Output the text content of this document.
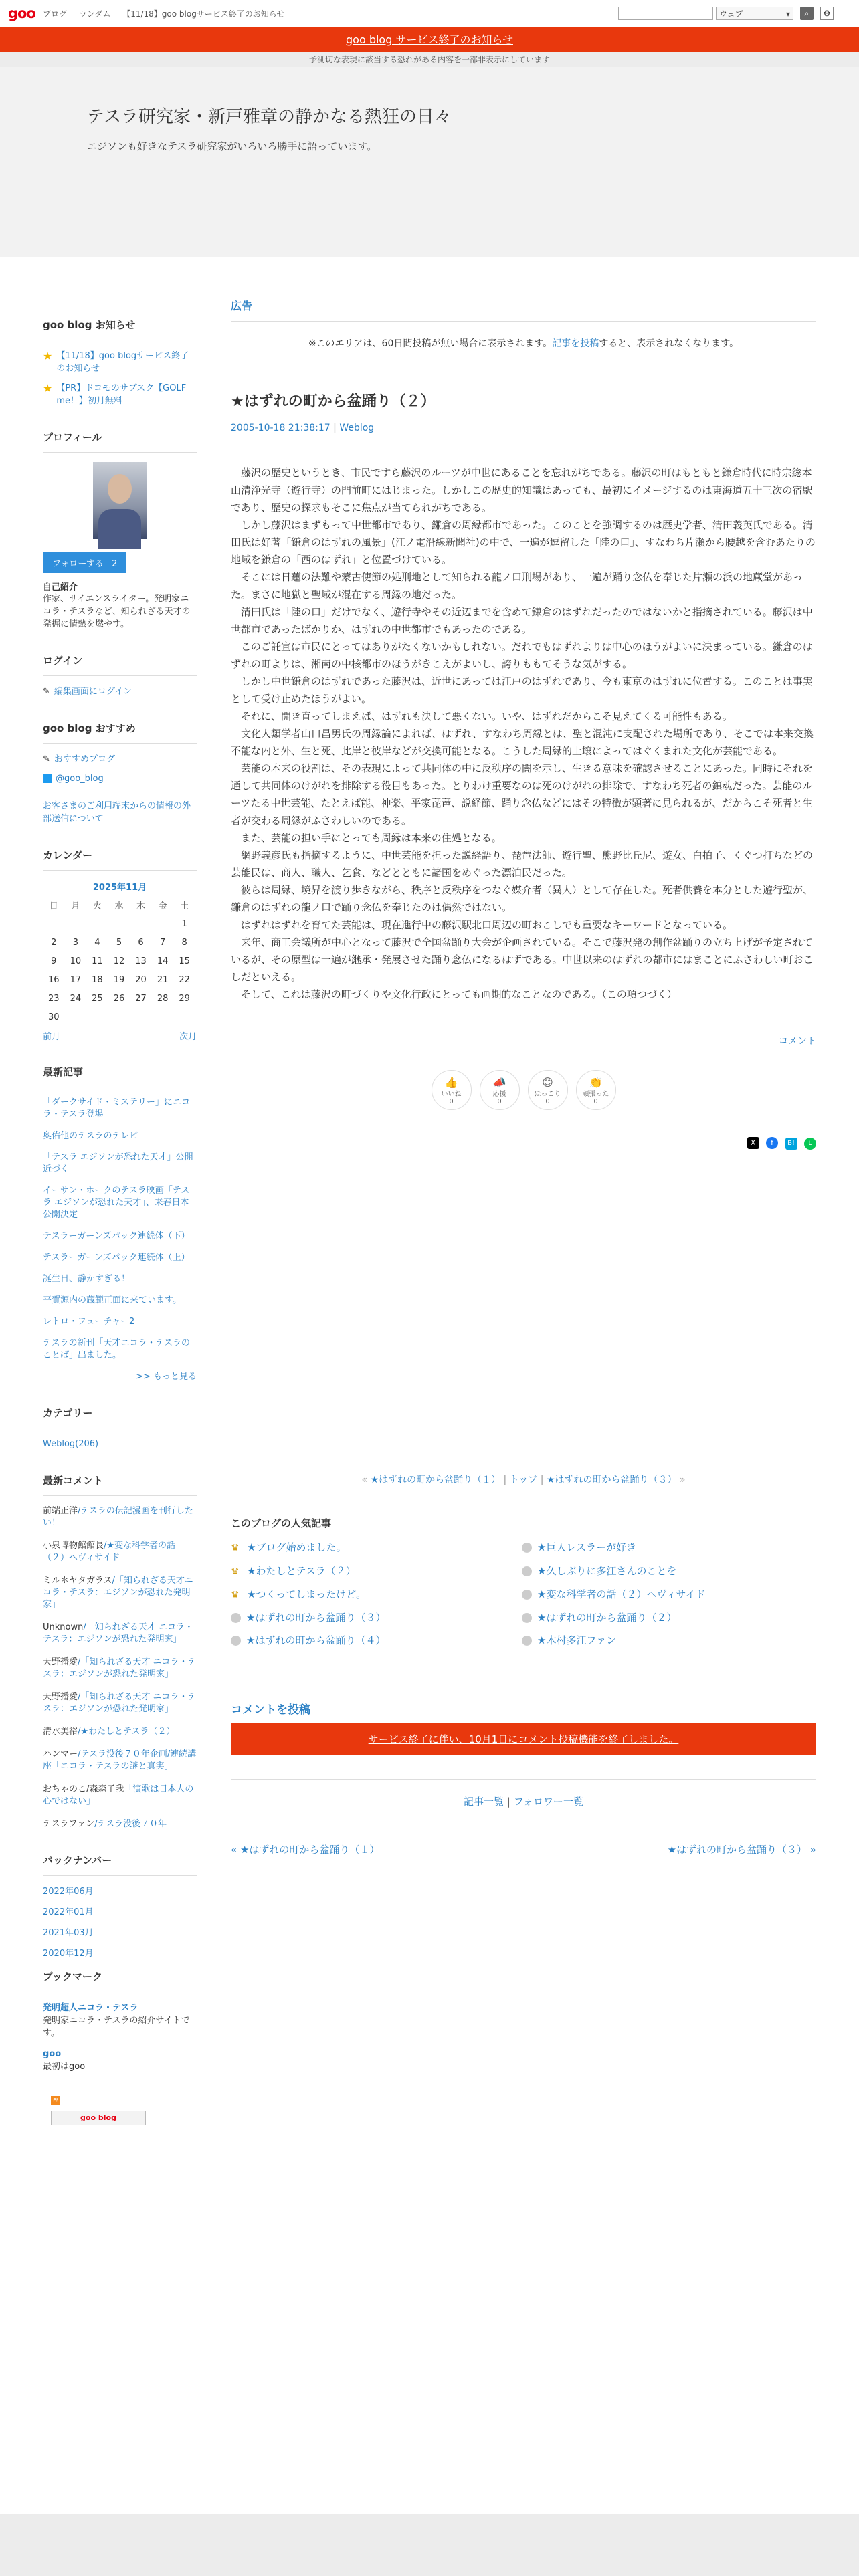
goo ブログ ランダム 【11/18】goo blogサービス終了のお知らせ	ウェブ ▾	⌕	⚙
goo blog サービス終了のお知らせ
予測切な表現に該当する恐れがある内容を一部非表示にしています
テスラ研究家・新戸雅章の静かなる熱狂の日々
エジソンも好きなテスラ研究家がいろいろ勝手に語っています。
goo blog お知らせ
★ 【11/18】goo blogサービス終了のお知らせ
★ 【PR】ドコモのサブスク【GOLF me！】初月無料
プロフィール
フォローする 2
自己紹介
作家、サイエンスライター。発明家ニコラ・テスラなど、知られざる天才の発掘に情熱を燃やす。
ログイン
✎ 編集画面にログイン
goo blog おすすめ
✎ おすすめブログ
@goo_blog
お客さまのご利用端末からの情報の外部送信について
カレンダー
2025年11月
日	月	火	水	木	金	土
						1
2	3	4	5	6	7	8
9	10	11	12	13	14	15
16	17	18	19	20	21	22
23	24	25	26	27	28	29
30						
前月	次月
最新記事
「ダークサイド・ミステリー」にニコラ・テスラ登場
奥佑他のテスラのテレビ
「テスラ エジソンが恐れた天才」公開近づく
イーサン・ホークのテスラ映画「テスラ エジソンが恐れた天才」、来春日本公開決定
テスラーガーンズパック連続体（下）
テスラーガーンズパック連続体（上）
誕生日、静かすぎる！
平賀源内の蔵範正面に来ています。
レトロ・フューチャー2
テスラの新刊「天才ニコラ・テスラのことば」出ました。
>> もっと見る
カテゴリー
Weblog(206)
最新コメント
前端正洋/テスラの伝記漫画を刊行したい！
小泉博物館館長/★変な科学者の話（２）ヘヴィサイド
ミル＊ヤタガラス/「知られざる天才ニコラ・テスラ：エジソンが恐れた発明家」
Unknown/「知られざる天才 ニコラ・テスラ：エジソンが恐れた発明家」
天野播愛/「知られざる天才 ニコラ・テスラ：エジソンが恐れた発明家」
天野播愛/「知られざる天才 ニコラ・テスラ：エジソンが恐れた発明家」
清水美裕/★わたしとテスラ（２）
ハンマー/テスラ没後７０年企画/連続講座「ニコラ・テスラの謎と真実」
おちゃのこ/森森子我「演歌は日本人の心ではない」
テスラファン/テスラ没後７０年
バックナンバー
2022年06月
2022年01月
2021年03月
2020年12月
ブックマーク
発明超人ニコラ・テスラ
発明家ニコラ・テスラの紹介サイトです。
goo
最初はgoo
≋
goo blog
広告
※このエリアは、60日間投稿が無い場合に表示されます。記事を投稿すると、表示されなくなります。
★はずれの町から盆踊り（２）
2005-10-18 21:38:17 | Weblog

藤沢の歴史というとき、市民ですら藤沢のルーツが中世にあることを忘れがちである。藤沢の町はもともと鎌倉時代に時宗総本山清浄光寺（遊行寺）の門前町にはじまった。しかしこの歴史的知識はあっても、最初にイメージするのは東海道五十三次の宿駅であり、歴史の探求もそこに焦点が当てられがちである。

しかし藤沢はまずもって中世都市であり、鎌倉の周縁都市であった。このことを強調するのは歴史学者、清田義英氏である。清田氏は好著「鎌倉のはずれの風景」(江ノ電沿線新聞社)の中で、一遍が逗留した「陸の口」、すなわち片瀬から腰越を含むあたりの地域を鎌倉の「西のはずれ」と位置づけている。

そこには日蓮の法難や蒙古使節の処刑地として知られる龍ノ口刑場があり、一遍が踊り念仏を奉じた片瀬の浜の地蔵堂があった。まさに地獄と聖域が混在する周縁の地だった。

清田氏は「陸の口」だけでなく、遊行寺やその近辺までを含めて鎌倉のはずれだったのではないかと指摘されている。藤沢は中世都市であったばかりか、はずれの中世都市でもあったのである。

このご託宣は市民にとってはありがたくないかもしれない。だれでもはずれよりは中心のほうがよいに決まっている。鎌倉のはずれの町よりは、湘南の中核都市のほうがきこえがよいし、誇りももてそうな気がする。

しかし中世鎌倉のはずれであった藤沢は、近世にあっては江戸のはずれであり、今も東京のはずれに位置する。このことは事実として受け止めたほうがよい。

それに、開き直ってしまえば、はずれも決して悪くない。いや、はずれだからこそ見えてくる可能性もある。

文化人類学者山口昌男氏の周縁論によれば、はずれ、すなわち周縁とは、聖と混沌に支配された場所であり、そこでは本来交換不能な内と外、生と死、此岸と彼岸などが交換可能となる。こうした周縁的土壌によってはぐくまれた文化が芸能である。

芸能の本来の役割は、その表現によって共同体の中に反秩序の闇を示し、生きる意味を確認させることにあった。同時にそれを通して共同体のけがれを排除する役目もあった。とりわけ重要なのは死のけがれの排除で、すなわち死者の鎮魂だった。芸能のルーツたる中世芸能、たとえば能、神楽、平家琵琶、説経節、踊り念仏などにはその特徴が顕著に見られるが、だからこそ死者と生者が交わる周縁がふさわしいのである。

また、芸能の担い手にとっても周縁は本来の住処となる。

網野義彦氏も指摘するように、中世芸能を担った説経語り、琵琶法師、遊行聖、熊野比丘尼、遊女、白拍子、くぐつ打ちなどの芸能民は、商人、職人、乞食、などとともに諸国をめぐった漂泊民だった。

彼らは周縁、境界を渡り歩きながら、秩序と反秩序をつなぐ媒介者（異人）として存在した。死者供養を本分とした遊行聖が、鎌倉のはずれの龍ノ口で踊り念仏を奉じたのは偶然ではない。

はずれはずれを育てた芸能は、現在進行中の藤沢駅北口周辺の町おこしでも重要なキーワードとなっている。

来年、商工会議所が中心となって藤沢で全国盆踊り大会が企画されている。そこで藤沢発の創作盆踊りの立ち上げが予定されているが、その原型は一遍が継承・発展させた踊り念仏になるはずである。中世以来のはずれの都市にはまことにふさわしい町おこしだといえる。

そして、これは藤沢の町づくりや文化行政にとっても画期的なことなのである。（この項つづく）

コメント
👍
いいね
0
📣
応援
0
😊
ほっこり
0
👏
頑張った
0
X f B! L
« ★はずれの町から盆踊り（１） | トップ | ★はずれの町から盆踊り（３） »
このブログの人気記事
♛ ★ブログ始めました。	★巨人レスラーが好き
♛ ★わたしとテスラ（２）	★久しぶりに多江さんのことを
♛ ★つくってしまったけど。	★変な科学者の話（２）ヘヴィサイド
★はずれの町から盆踊り（３）	★はずれの町から盆踊り（２）
★はずれの町から盆踊り（４）	★木村多江ファン
コメントを投稿
サービス終了に伴い、10月1日にコメント投稿機能を終了しました。
記事一覧 | フォロワー一覧
« ★はずれの町から盆踊り（１）	★はずれの町から盆踊り（３） »
